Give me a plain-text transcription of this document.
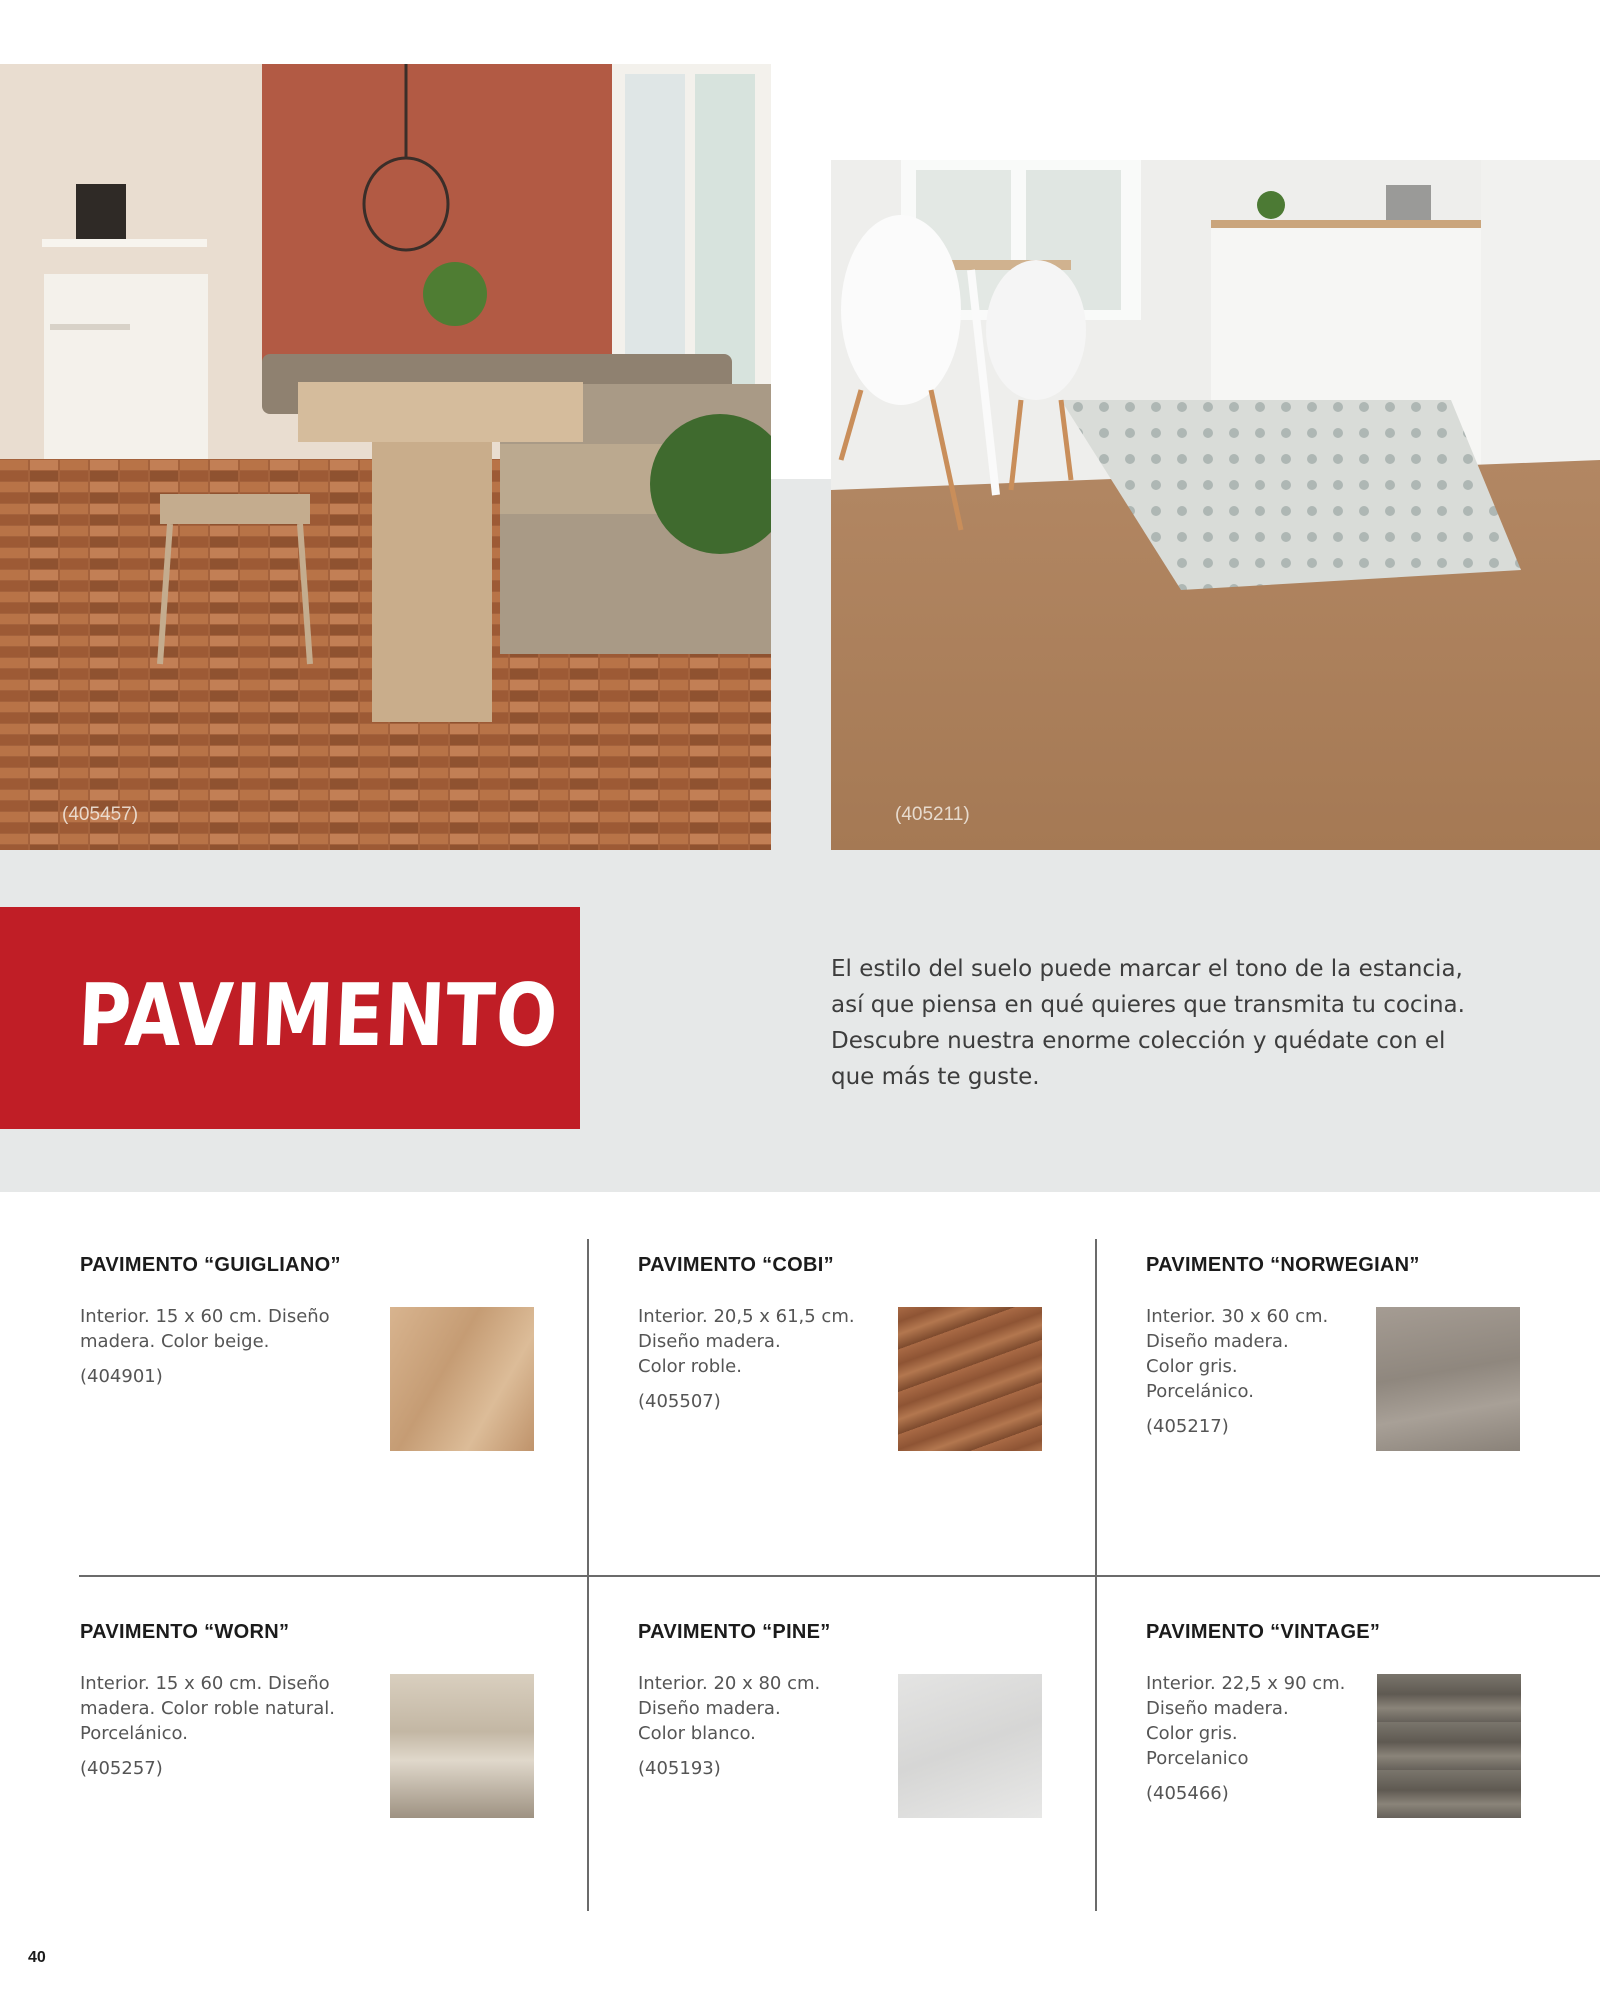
(405457)	(405211)
PAVIMENTO	El estilo del suelo puede marcar el tono de la estancia,
así que piensa en qué quieres que transmita tu cocina.
Descubre nuestra enorme colección y quédate con el
que más te guste.

PAVIMENTO “GUIGLIANO”

Interior. 15 x 60 cm. Diseño
madera. Color beige.
(404901)

PAVIMENTO “COBI”

Interior. 20,5 x 61,5 cm.
Diseño madera.
Color roble.
(405507)

PAVIMENTO “NORWEGIAN”

Interior. 30 x 60 cm.
Diseño madera.
Color gris.
Porcelánico.
(405217)

PAVIMENTO “WORN”

Interior. 15 x 60 cm. Diseño
madera. Color roble natural.
Porcelánico.
(405257)

PAVIMENTO “PINE”

Interior. 20 x 80 cm.
Diseño madera.
Color blanco.
(405193)

PAVIMENTO “VINTAGE”

Interior. 22,5 x 90 cm.
Diseño madera.
Color gris.
Porcelanico
(405466)

40
